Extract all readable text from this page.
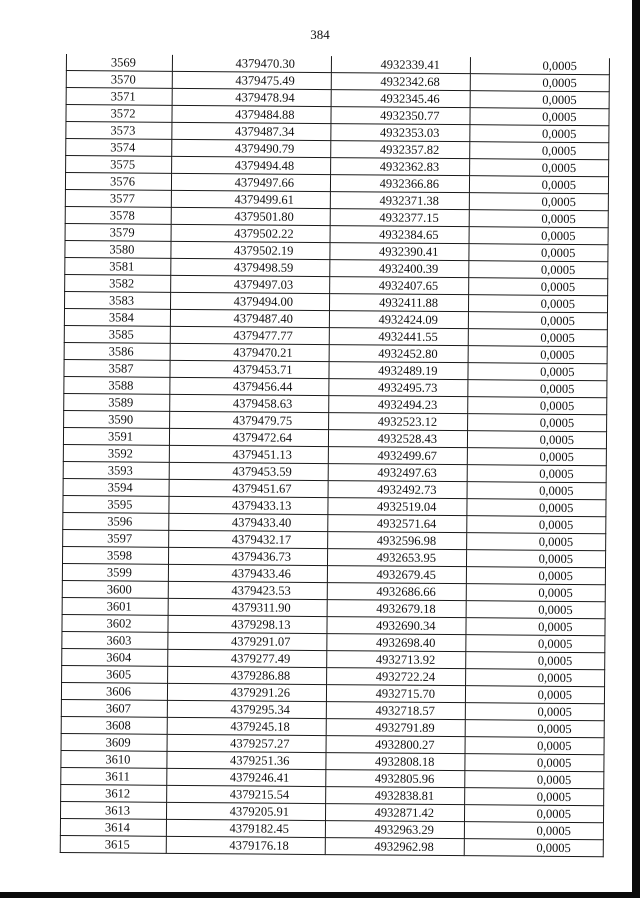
384
3569	4379470.30	4932339.41	0,0005
3570	4379475.49	4932342.68	0,0005
3571	4379478.94	4932345.46	0,0005
3572	4379484.88	4932350.77	0,0005
3573	4379487.34	4932353.03	0,0005
3574	4379490.79	4932357.82	0,0005
3575	4379494.48	4932362.83	0,0005
3576	4379497.66	4932366.86	0,0005
3577	4379499.61	4932371.38	0,0005
3578	4379501.80	4932377.15	0,0005
3579	4379502.22	4932384.65	0,0005
3580	4379502.19	4932390.41	0,0005
3581	4379498.59	4932400.39	0,0005
3582	4379497.03	4932407.65	0,0005
3583	4379494.00	4932411.88	0,0005
3584	4379487.40	4932424.09	0,0005
3585	4379477.77	4932441.55	0,0005
3586	4379470.21	4932452.80	0,0005
3587	4379453.71	4932489.19	0,0005
3588	4379456.44	4932495.73	0,0005
3589	4379458.63	4932494.23	0,0005
3590	4379479.75	4932523.12	0,0005
3591	4379472.64	4932528.43	0,0005
3592	4379451.13	4932499.67	0,0005
3593	4379453.59	4932497.63	0,0005
3594	4379451.67	4932492.73	0,0005
3595	4379433.13	4932519.04	0,0005
3596	4379433.40	4932571.64	0,0005
3597	4379432.17	4932596.98	0,0005
3598	4379436.73	4932653.95	0,0005
3599	4379433.46	4932679.45	0,0005
3600	4379423.53	4932686.66	0,0005
3601	4379311.90	4932679.18	0,0005
3602	4379298.13	4932690.34	0,0005
3603	4379291.07	4932698.40	0,0005
3604	4379277.49	4932713.92	0,0005
3605	4379286.88	4932722.24	0,0005
3606	4379291.26	4932715.70	0,0005
3607	4379295.34	4932718.57	0,0005
3608	4379245.18	4932791.89	0,0005
3609	4379257.27	4932800.27	0,0005
3610	4379251.36	4932808.18	0,0005
3611	4379246.41	4932805.96	0,0005
3612	4379215.54	4932838.81	0,0005
3613	4379205.91	4932871.42	0,0005
3614	4379182.45	4932963.29	0,0005
3615	4379176.18	4932962.98	0,0005
